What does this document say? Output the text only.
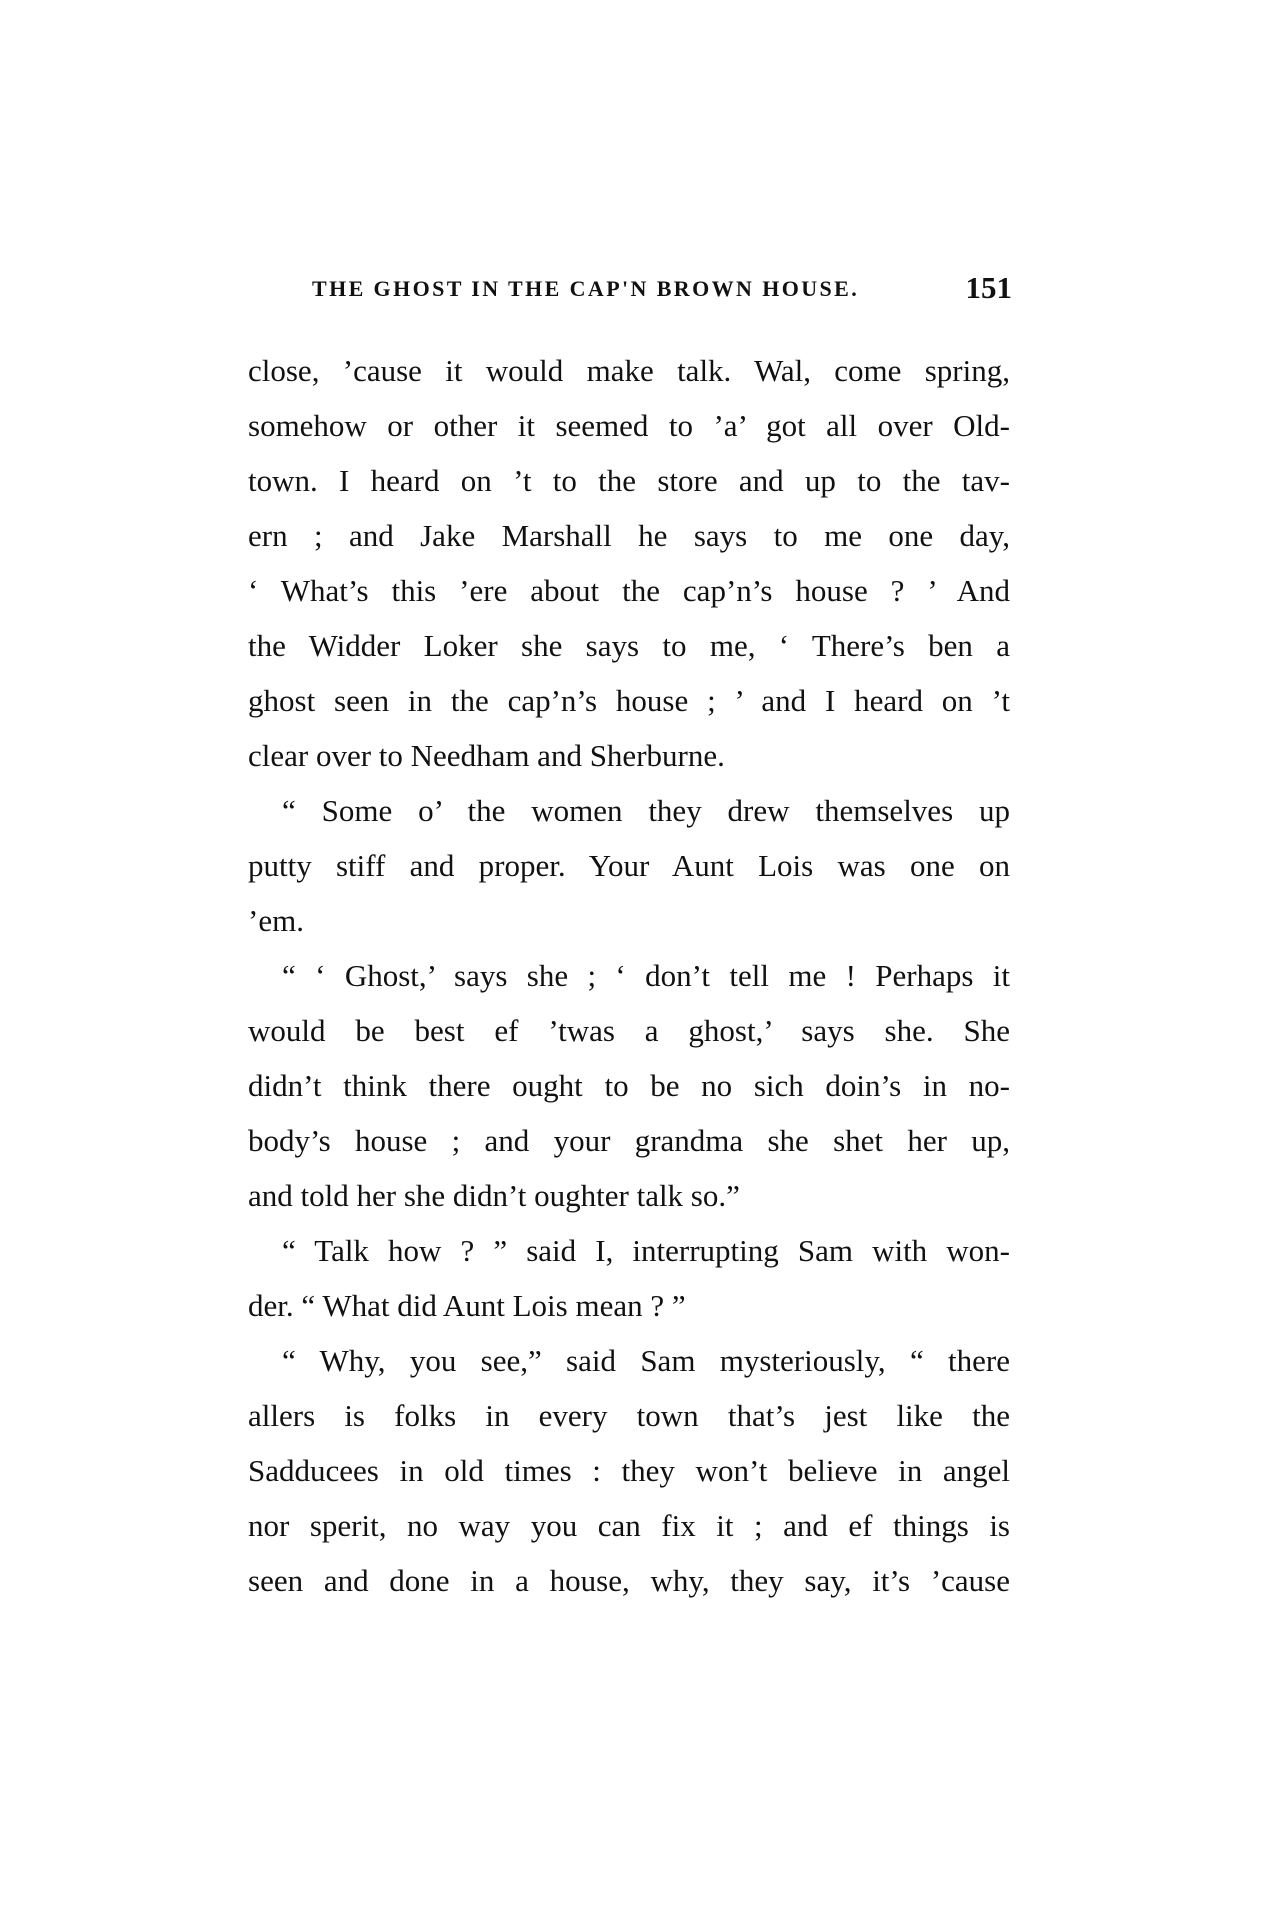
THE GHOST IN THE CAP'N BROWN HOUSE.	151
close, ’cause it would make talk. Wal, come spring,
somehow or other it seemed to ’a’ got all over Old-
town. I heard on ’t to the store and up to the tav-
ern ; and Jake Marshall he says to me one day,
‘ What’s this ’ere about the cap’n’s house ? ’ And
the Widder Loker she says to me, ‘ There’s ben a
ghost seen in the cap’n’s house ; ’ and I heard on ’t
clear over to Needham and Sherburne.
“ Some o’ the women they drew themselves up
putty stiff and proper. Your Aunt Lois was one on
’em.
“ ‘ Ghost,’ says she ; ‘ don’t tell me ! Perhaps it
would be best ef ’twas a ghost,’ says she. She
didn’t think there ought to be no sich doin’s in no-
body’s house ; and your grandma she shet her up,
and told her she didn’t oughter talk so.”
“ Talk how ? ” said I, interrupting Sam with won-
der. “ What did Aunt Lois mean ? ”
“ Why, you see,” said Sam mysteriously, “ there
allers is folks in every town that’s jest like the
Sadducees in old times : they won’t believe in angel
nor sperit, no way you can fix it ; and ef things is
seen and done in a house, why, they say, it’s ’cause
